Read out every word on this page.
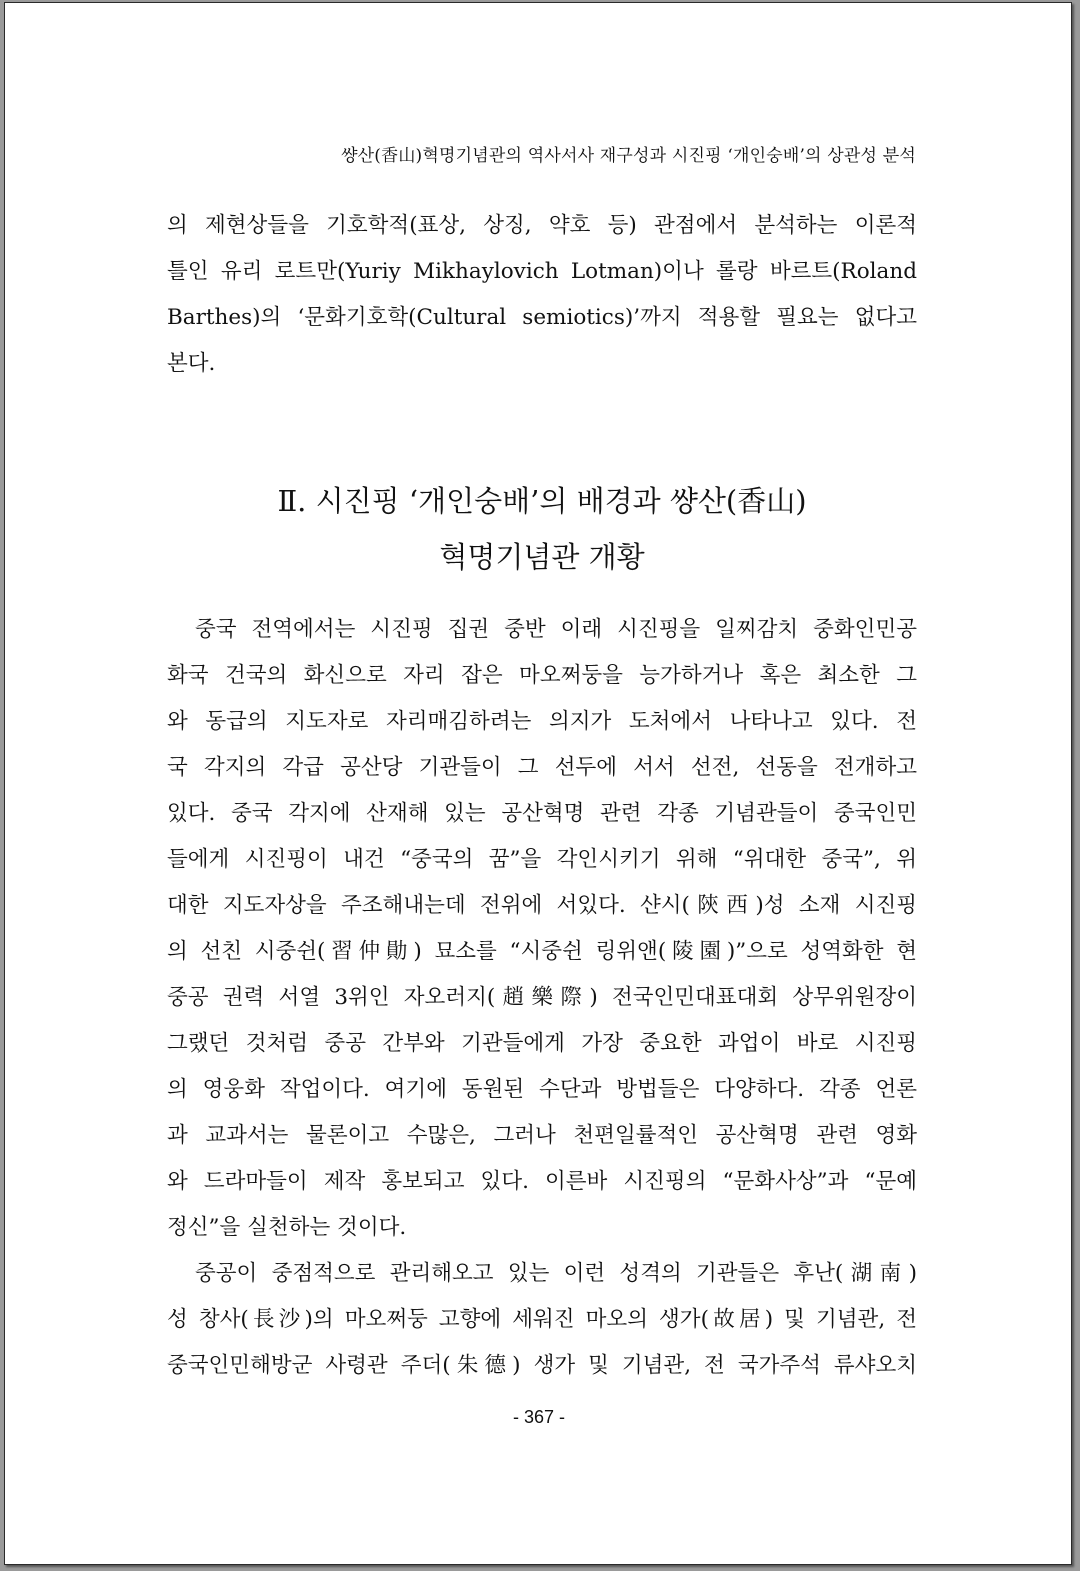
썅산(香山)혁명기념관의 역사서사 재구성과 시진핑 ‘개인숭배’의 상관성 분석
의 제현상들을 기호학적(표상, 상징, 약호 등) 관점에서 분석하는 이론적
틀인 유리 로트만(Yuriy Mikhaylovich Lotman)이나 롤랑 바르트(Roland
Barthes)의 ‘문화기호학(Cultural semiotics)’까지 적용할 필요는 없다고
본다.
Ⅱ. 시진핑 ‘개인숭배’의 배경과 썅산(香山)
혁명기념관 개황
중국 전역에서는 시진핑 집권 중반 이래 시진핑을 일찌감치 중화인민공
화국 건국의 화신으로 자리 잡은 마오쩌둥을 능가하거나 혹은 최소한 그
와 동급의 지도자로 자리매김하려는 의지가 도처에서 나타나고 있다. 전
국 각지의 각급 공산당 기관들이 그 선두에 서서 선전, 선동을 전개하고
있다. 중국 각지에 산재해 있는 공산혁명 관련 각종 기념관들이 중국인민
들에게 시진핑이 내건 “중국의 꿈”을 각인시키기 위해 “위대한 중국”, 위
대한 지도자상을 주조해내는데 전위에 서있다. 샨시(陝西)성 소재 시진핑
의 선친 시중쉰(習仲勛) 묘소를 “시중쉰 링위앤(陵園)”으로 성역화한 현
중공 권력 서열 3위인 자오러지(趙樂際) 전국인민대표대회 상무위원장이
그랬던 것처럼 중공 간부와 기관들에게 가장 중요한 과업이 바로 시진핑
의 영웅화 작업이다. 여기에 동원된 수단과 방법들은 다양하다. 각종 언론
과 교과서는 물론이고 수많은, 그러나 천편일률적인 공산혁명 관련 영화
와 드라마들이 제작 홍보되고 있다. 이른바 시진핑의 “문화사상”과 “문예
정신”을 실천하는 것이다.
중공이 중점적으로 관리해오고 있는 이런 성격의 기관들은 후난(湖南)
성 창사(長沙)의 마오쩌둥 고향에 세워진 마오의 생가(故居) 및 기념관, 전
중국인민해방군 사령관 주더(朱德) 생가 및 기념관, 전 국가주석 류샤오치
- 367 -
